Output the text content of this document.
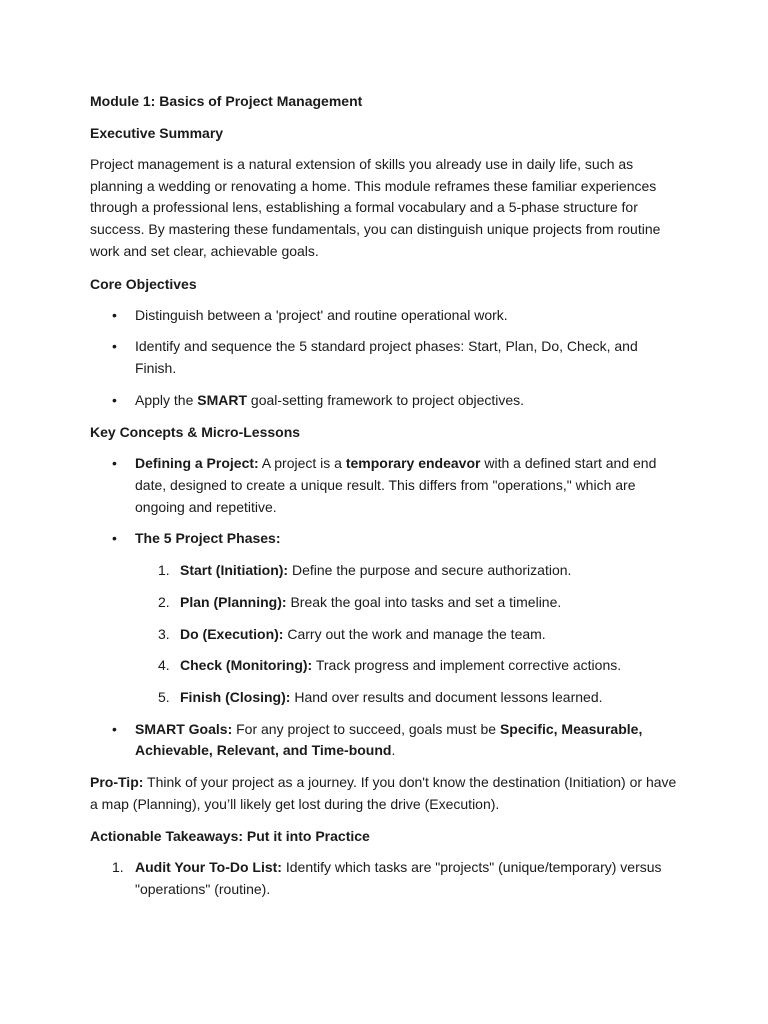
Module 1: Basics of Project Management
Executive Summary

Project management is a natural extension of skills you already use in daily life, such as planning a wedding or renovating a home. This module reframes these familiar experiences through a professional lens, establishing a formal vocabulary and a 5-phase structure for success. By mastering these fundamentals, you can distinguish unique projects from routine work and set clear, achievable goals.

Core Objectives
• Distinguish between a 'project' and routine operational work.
• Identify and sequence the 5 standard project phases: Start, Plan, Do, Check, and Finish.
• Apply the SMART goal-setting framework to project objectives.
Key Concepts & Micro-Lessons
• Defining a Project: A project is a temporary endeavor with a defined start and end date, designed to create a unique result. This differs from "operations," which are ongoing and repetitive.
• The 5 Project Phases:
1. Start (Initiation): Define the purpose and secure authorization.
2. Plan (Planning): Break the goal into tasks and set a timeline.
3. Do (Execution): Carry out the work and manage the team.
4. Check (Monitoring): Track progress and implement corrective actions.
5. Finish (Closing): Hand over results and document lessons learned.
• SMART Goals: For any project to succeed, goals must be Specific, Measurable, Achievable, Relevant, and Time-bound.

Pro-Tip: Think of your project as a journey. If you don't know the destination (Initiation) or have a map (Planning), you’ll likely get lost during the drive (Execution).

Actionable Takeaways: Put it into Practice
1. Audit Your To-Do List: Identify which tasks are "projects" (unique/temporary) versus "operations" (routine).
